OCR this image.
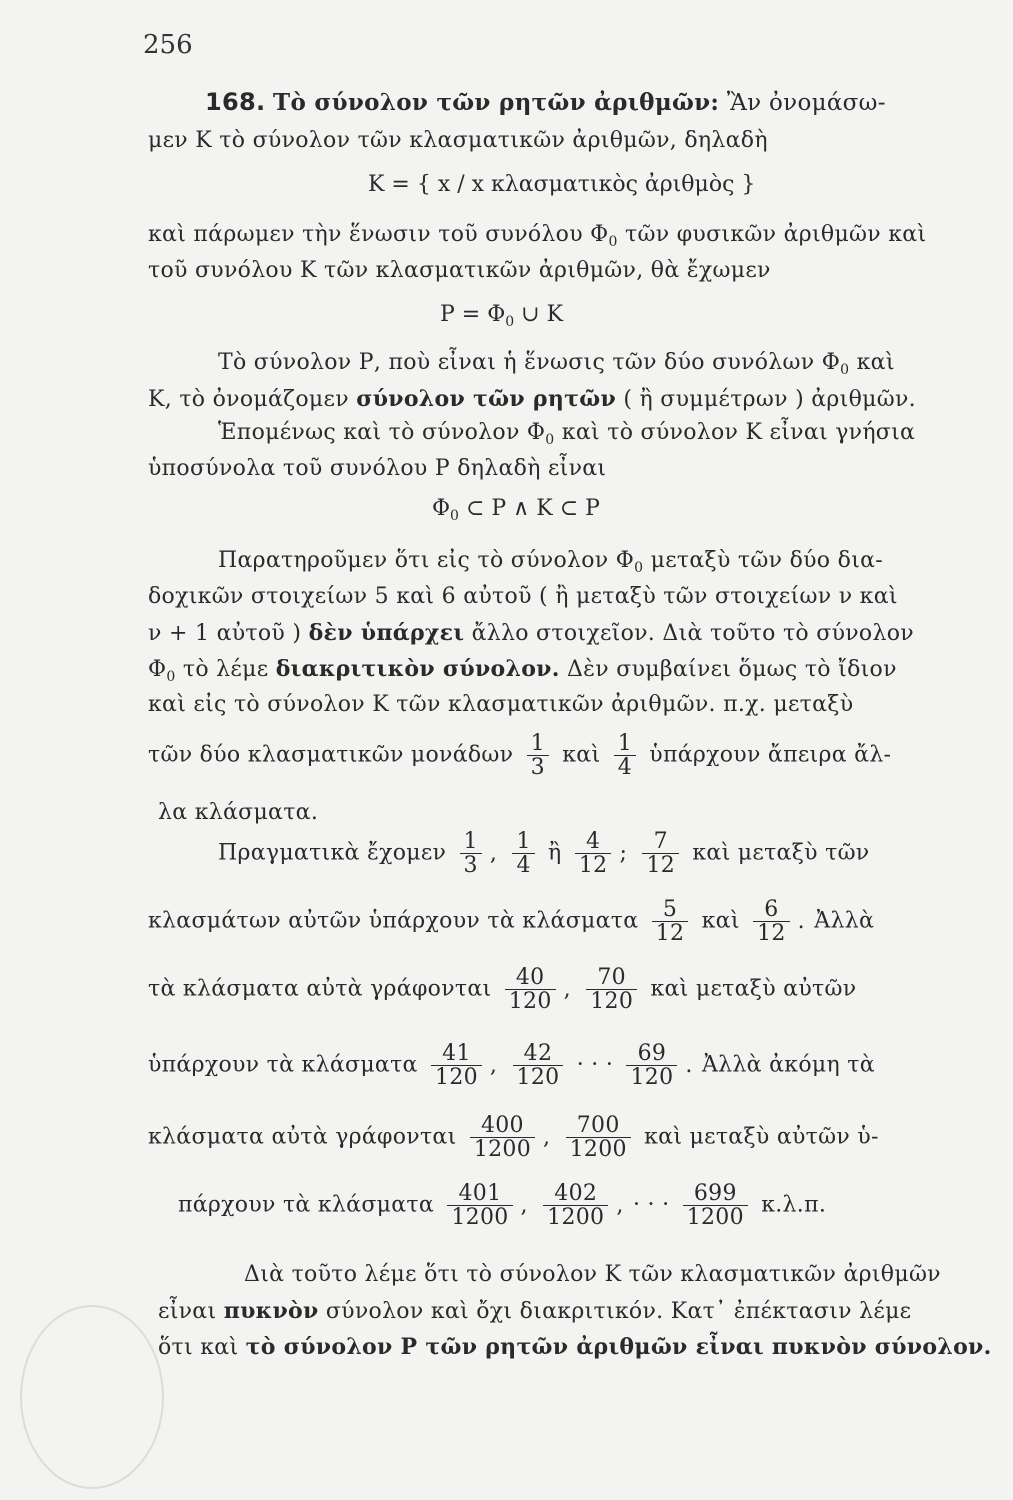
256
168. Τὸ σύνολον τῶν ρητῶν ἀριθμῶν: Ἂν ὀνομάσω-
μεν Κ τὸ σύνολον τῶν κλασματικῶν ἀριθμῶν, δηλαδὴ
Κ = { x / x κλασματικὸς ἀριθμὸς }
καὶ πάρωμεν τὴν ἕνωσιν τοῦ συνόλου $\Phi_0$ τῶν φυσικῶν ἀριθμῶν καὶ
τοῦ συνόλου Κ τῶν κλασματικῶν ἀριθμῶν, θὰ ἔχωμεν
$P = \Phi_0$ ∪ Κ
Τὸ σύνολον Ρ, ποὺ εἶναι ἡ ἕνωσις τῶν δύο συνόλων $\Phi_0$ καὶ
Κ, τὸ ὀνομάζομεν σύνολον τῶν ρητῶν ( ἢ συμμέτρων ) ἀριθμῶν.
Ἑπομένως καὶ τὸ σύνολον $\Phi_0$ καὶ τὸ σύνολον Κ εἶναι γνήσια
ὑποσύνολα τοῦ συνόλου Ρ δηλαδὴ εἶναι
$\Phi_0$ ⊂ Ρ ∧ Κ ⊂ Ρ
Παρατηροῦμεν ὅτι εἰς τὸ σύνολον $\Phi_0$ μεταξὺ τῶν δύο δια-
δοχικῶν στοιχείων 5 καὶ 6 αὐτοῦ ( ἢ μεταξὺ τῶν στοιχείων ν καὶ
ν + 1 αὐτοῦ ) δὲν ὑπάρχει ἄλλο στοιχεῖον. Διὰ τοῦτο τὸ σύνολον
$\Phi_0$ τὸ λέμε διακριτικὸν σύνολον. Δὲν συμβαίνει ὅμως τὸ ἴδιον
καὶ εἰς τὸ σύνολον Κ τῶν κλασματικῶν ἀριθμῶν. π.χ. μεταξὺ
τῶν δύο κλασματικῶν μονάδων $\frac{1}{3}$ καὶ $\frac{1}{4}$ ὑπάρχουν ἄπειρα ἄλ-
λα κλάσματα.
Πραγματικὰ ἔχομεν $\frac{1}{3}$ , $\frac{1}{4}$ ἢ $\frac{4}{12}$ ; $\frac{7}{12}$ καὶ μεταξὺ τῶν
κλασμάτων αὐτῶν ὑπάρχουν τὰ κλάσματα $\frac{5}{12}$ καὶ $\frac{6}{12}$ . Ἀλλὰ
τὰ κλάσματα αὐτὰ γράφονται $\frac{40}{120}$ , $\frac{70}{120}$ καὶ μεταξὺ αὐτῶν
ὑπάρχουν τὰ κλάσματα $\frac{41}{120}$ , $\frac{42}{120}$ · · · $\frac{69}{120}$ . Ἀλλὰ ἀκόμη τὰ
κλάσματα αὐτὰ γράφονται $\frac{400}{1200}$ , $\frac{700}{1200}$ καὶ μεταξὺ αὐτῶν ὑ-
πάρχουν τὰ κλάσματα $\frac{401}{1200}$ , $\frac{402}{1200}$ , · · · $\frac{699}{1200} \kappa.\lambda.\pi$.
Διὰ τοῦτο λέμε ὅτι τὸ σύνολον Κ τῶν κλασματικῶν ἀριθμῶν
εἶναι πυκνὸν σύνολον καὶ ὄχι διακριτικόν. Κατ᾿ ἐπέκτασιν λέμε
ὅτι καὶ τὸ σύνολον Ρ τῶν ρητῶν ἀριθμῶν εἶναι πυκνὸν σύνολον.
